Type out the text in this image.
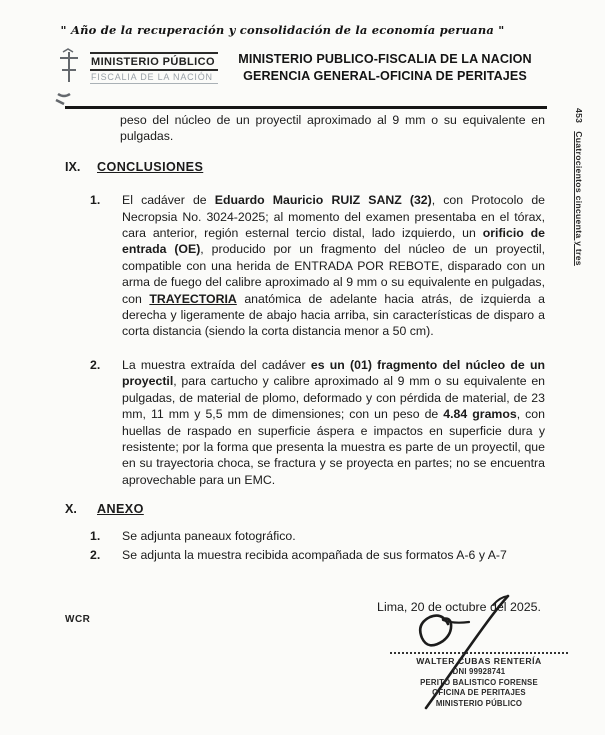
" Año de la recuperación y consolidación de la economía peruana "
MINISTERIO PÚBLICO
FISCALIA DE LA NACIÓN
MINISTERIO PUBLICO-FISCALIA DE LA NACION
GERENCIA GENERAL-OFICINA DE PERITAJES
453Cuatrocientos cincuenta y tres

peso del núcleo de un proyectil aproximado al 9 mm o su equivalente en pulgadas.

IX.	CONCLUSIONES
1.	El cadáver de Eduardo Mauricio RUIZ SANZ (32), con Protocolo de Necropsia No. 3024-2025; al momento del examen presentaba en el tórax, cara anterior, región esternal tercio distal, lado izquierdo, un orificio de entrada (OE), producido por un fragmento del núcleo de un proyectil, compatible con una herida de ENTRADA POR REBOTE, disparado con un arma de fuego del calibre aproximado al 9 mm o su equivalente en pulgadas, con TRAYECTORIA anatómica de adelante hacia atrás, de izquierda a derecha y ligeramente de abajo hacia arriba, sin características de disparo a corta distancia (siendo la corta distancia menor a 50 cm).
2.	La muestra extraída del cadáver es un (01) fragmento del núcleo de un proyectil, para cartucho y calibre aproximado al 9 mm o su equivalente en pulgadas, de material de plomo, deformado y con pérdida de material, de 23 mm, 11 mm y 5,5 mm de dimensiones; con un peso de 4.84 gramos, con huellas de raspado en superficie áspera e impactos en superficie dura y resistente; por la forma que presenta la muestra es parte de un proyectil, que en su trayectoria choca, se fractura y se proyecta en partes; no se encuentra aprovechable para un EMC.
X.	ANEXO
1.	Se adjunta paneaux fotográfico.
2.	Se adjunta la muestra recibida acompañada de sus formatos A-6 y A-7
Lima, 20 de octubre del 2025.
WCR
WALTER CUBAS RENTERÍA
DNI 99928741
PERITO BALISTICO FORENSE
OFICINA DE PERITAJES
MINISTERIO PÚBLICO
